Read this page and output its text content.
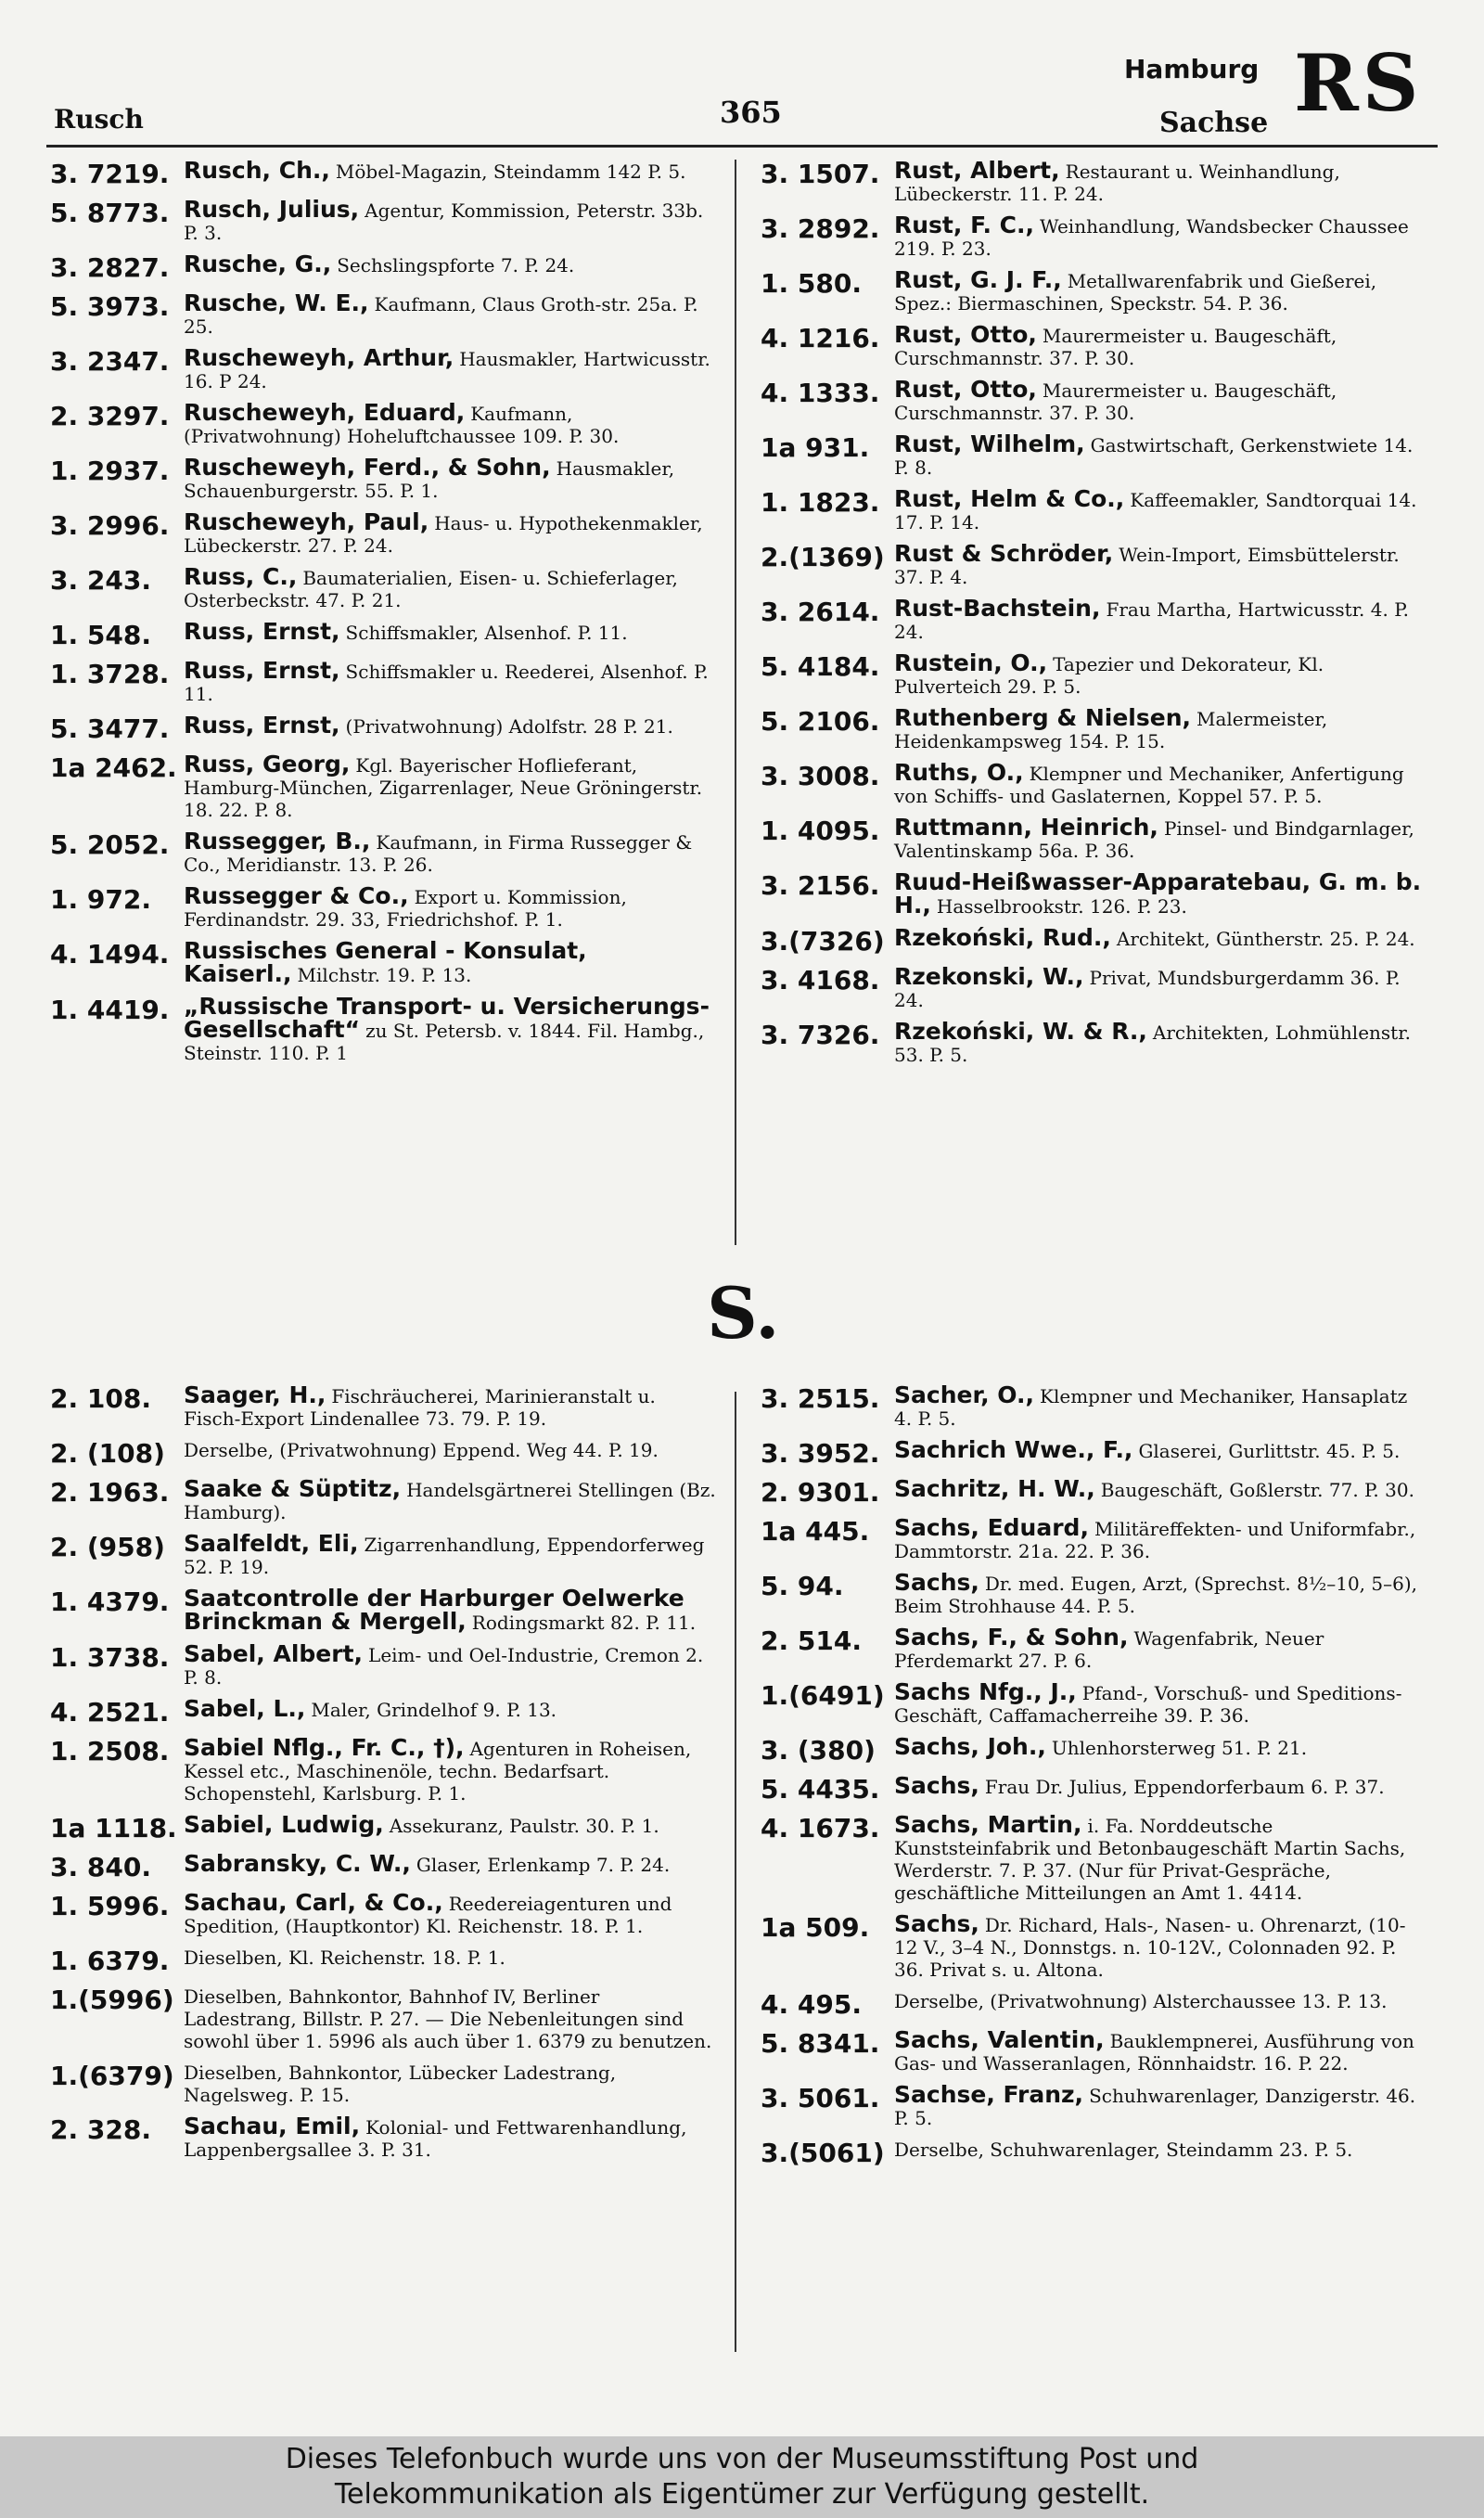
Rusch	365
Hamburg
Sachse RS
3. 7219. Rusch, Ch., Möbel-Magazin, Steindamm 142 P. 5.
5. 8773. Rusch, Julius, Agentur, Kommission, Peterstr. 33b. P. 3.
3. 2827. Rusche, G., Sechslingspforte 7. P. 24.
5. 3973. Rusche, W. E., Kaufmann, Claus Groth-str. 25a. P. 25.
3. 2347. Ruscheweyh, Arthur, Hausmakler, Hartwicusstr. 16. P 24.
2. 3297. Ruscheweyh, Eduard, Kaufmann, (Privatwohnung) Hoheluftchaussee 109. P. 30.
1. 2937. Ruscheweyh, Ferd., & Sohn, Hausmakler, Schauenburgerstr. 55. P. 1.
3. 2996. Ruscheweyh, Paul, Haus- u. Hypothekenmakler, Lübeckerstr. 27. P. 24.
3. 243.	Russ, C., Baumaterialien, Eisen- u. Schieferlager, Osterbeckstr. 47. P. 21.
1. 548.	Russ, Ernst, Schiffsmakler, Alsenhof. P. 11.
1. 3728. Russ, Ernst, Schiffsmakler u. Reederei, Alsenhof. P. 11.
5. 3477. Russ, Ernst, (Privatwohnung) Adolfstr. 28 P. 21.
1a 2462. Russ, Georg, Kgl. Bayerischer Hoflieferant, Hamburg-München, Zigarrenlager, Neue Gröningerstr. 18. 22. P. 8.
5. 2052. Russegger, B., Kaufmann, in Firma Russegger & Co., Meridianstr. 13. P. 26.
1. 972.	Russegger & Co., Export u. Kommission, Ferdinandstr. 29. 33, Friedrichshof. P. 1.
4. 1494. Russisches General - Konsulat, Kaiserl., Milchstr. 19. P. 13.
1. 4419. „Russische Transport- u. Versicherungs-Gesellschaft“ zu St. Petersb. v. 1844. Fil. Hambg., Steinstr. 110. P. 1
3. 1507. Rust, Albert, Restaurant u. Weinhandlung, Lübeckerstr. 11. P. 24.
3. 2892. Rust, F. C., Weinhandlung, Wandsbecker Chaussee 219. P. 23.
1. 580.	Rust, G. J. F., Metallwarenfabrik und Gießerei, Spez.: Biermaschinen, Speckstr. 54. P. 36.
4. 1216. Rust, Otto, Maurermeister u. Baugeschäft, Curschmannstr. 37. P. 30.
4. 1333. Rust, Otto, Maurermeister u. Baugeschäft, Curschmannstr. 37. P. 30.
1a 931.	Rust, Wilhelm, Gastwirtschaft, Gerkenstwiete 14. P. 8.
1. 1823. Rust, Helm & Co., Kaffeemakler, Sandtorquai 14. 17. P. 14.
2.(1369) Rust & Schröder, Wein-Import, Eimsbüttelerstr. 37. P. 4.
3. 2614. Rust-Bachstein, Frau Martha, Hartwicusstr. 4. P. 24.
5. 4184. Rustein, O., Tapezier und Dekorateur, Kl. Pulverteich 29. P. 5.
5. 2106. Ruthenberg & Nielsen, Malermeister, Heidenkampsweg 154. P. 15.
3. 3008. Ruths, O., Klempner und Mechaniker, Anfertigung von Schiffs- und Gaslaternen, Koppel 57. P. 5.
1. 4095. Ruttmann, Heinrich, Pinsel- und Bindgarnlager, Valentinskamp 56a. P. 36.
3. 2156. Ruud-Heißwasser-Apparatebau, G. m. b. H., Hasselbrookstr. 126. P. 23.
3.(7326) Rzekoński, Rud., Architekt, Güntherstr. 25. P. 24.
3. 4168. Rzekonski, W., Privat, Mundsburgerdamm 36. P. 24.
3. 7326. Rzekoński, W. & R., Architekten, Lohmühlenstr. 53. P. 5.
S.
2. 108.	Saager, H., Fischräucherei, Marinieranstalt u. Fisch-Export Lindenallee 73. 79. P. 19.
2. (108)	Derselbe, (Privatwohnung) Eppend. Weg 44. P. 19.
2. 1963. Saake & Süptitz, Handelsgärtnerei Stellingen (Bz. Hamburg).
2. (958) Saalfeldt, Eli, Zigarrenhandlung, Eppendorferweg 52. P. 19.
1. 4379. Saatcontrolle der Harburger Oelwerke Brinckman & Mergell, Rodingsmarkt 82. P. 11.
1. 3738. Sabel, Albert, Leim- und Oel-Industrie, Cremon 2. P. 8.
4. 2521. Sabel, L., Maler, Grindelhof 9. P. 13.
1. 2508. Sabiel Nflg., Fr. C., †), Agenturen in Roheisen, Kessel etc., Maschinenöle, techn. Bedarfsart. Schopenstehl, Karlsburg. P. 1.
1a 1118. Sabiel, Ludwig, Assekuranz, Paulstr. 30. P. 1.
3. 840.	Sabransky, C. W., Glaser, Erlenkamp 7. P. 24.
1. 5996. Sachau, Carl, & Co., Reedereiagenturen und Spedition, (Hauptkontor) Kl. Reichenstr. 18. P. 1.
1. 6379. Dieselben, Kl. Reichenstr. 18. P. 1.
1.(5996) Dieselben, Bahnkontor, Bahnhof IV, Berliner Ladestrang, Billstr. P. 27. — Die Nebenleitungen sind sowohl über 1. 5996 als auch über 1. 6379 zu benutzen.
1.(6379) Dieselben, Bahnkontor, Lübecker Ladestrang, Nagelsweg. P. 15.
2. 328.	Sachau, Emil, Kolonial- und Fettwarenhandlung, Lappenbergsallee 3. P. 31.
3. 2515. Sacher, O., Klempner und Mechaniker, Hansaplatz 4. P. 5.
3. 3952. Sachrich Wwe., F., Glaserei, Gurlittstr. 45. P. 5.
2. 9301. Sachritz, H. W., Baugeschäft, Goßlerstr. 77. P. 30.
1a 445.	Sachs, Eduard, Militäreffekten- und Uniformfabr., Dammtorstr. 21a. 22. P. 36.
5. 94.	Sachs, Dr. med. Eugen, Arzt, (Sprechst. 8½–10, 5–6), Beim Strohhause 44. P. 5.
2. 514.	Sachs, F., & Sohn, Wagenfabrik, Neuer Pferdemarkt 27. P. 6.
1.(6491) Sachs Nfg., J., Pfand-, Vorschuß- und Speditions-Geschäft, Caffamacherreihe 39. P. 36.
3. (380) Sachs, Joh., Uhlenhorsterweg 51. P. 21.
5. 4435. Sachs, Frau Dr. Julius, Eppendorferbaum 6. P. 37.
4. 1673. Sachs, Martin, i. Fa. Norddeutsche Kunststeinfabrik und Betonbaugeschäft Martin Sachs, Werderstr. 7. P. 37. (Nur für Privat-Gespräche, geschäftliche Mitteilungen an Amt 1. 4414.
1a 509.	Sachs, Dr. Richard, Hals-, Nasen- u. Ohrenarzt, (10-12 V., 3–4 N., Donnstgs. n. 10-12V., Colonnaden 92. P. 36. Privat s. u. Altona.
4. 495.	Derselbe, (Privatwohnung) Alsterchaussee 13. P. 13.
5. 8341. Sachs, Valentin, Bauklempnerei, Ausführung von Gas- und Wasseranlagen, Rönnhaidstr. 16. P. 22.
3. 5061. Sachse, Franz, Schuhwarenlager, Danzigerstr. 46. P. 5.
3.(5061) Derselbe, Schuhwarenlager, Steindamm 23. P. 5.
Dieses Telefonbuch wurde uns von der Museumsstiftung Post und
Telekommunikation als Eigentümer zur Verfügung gestellt.
